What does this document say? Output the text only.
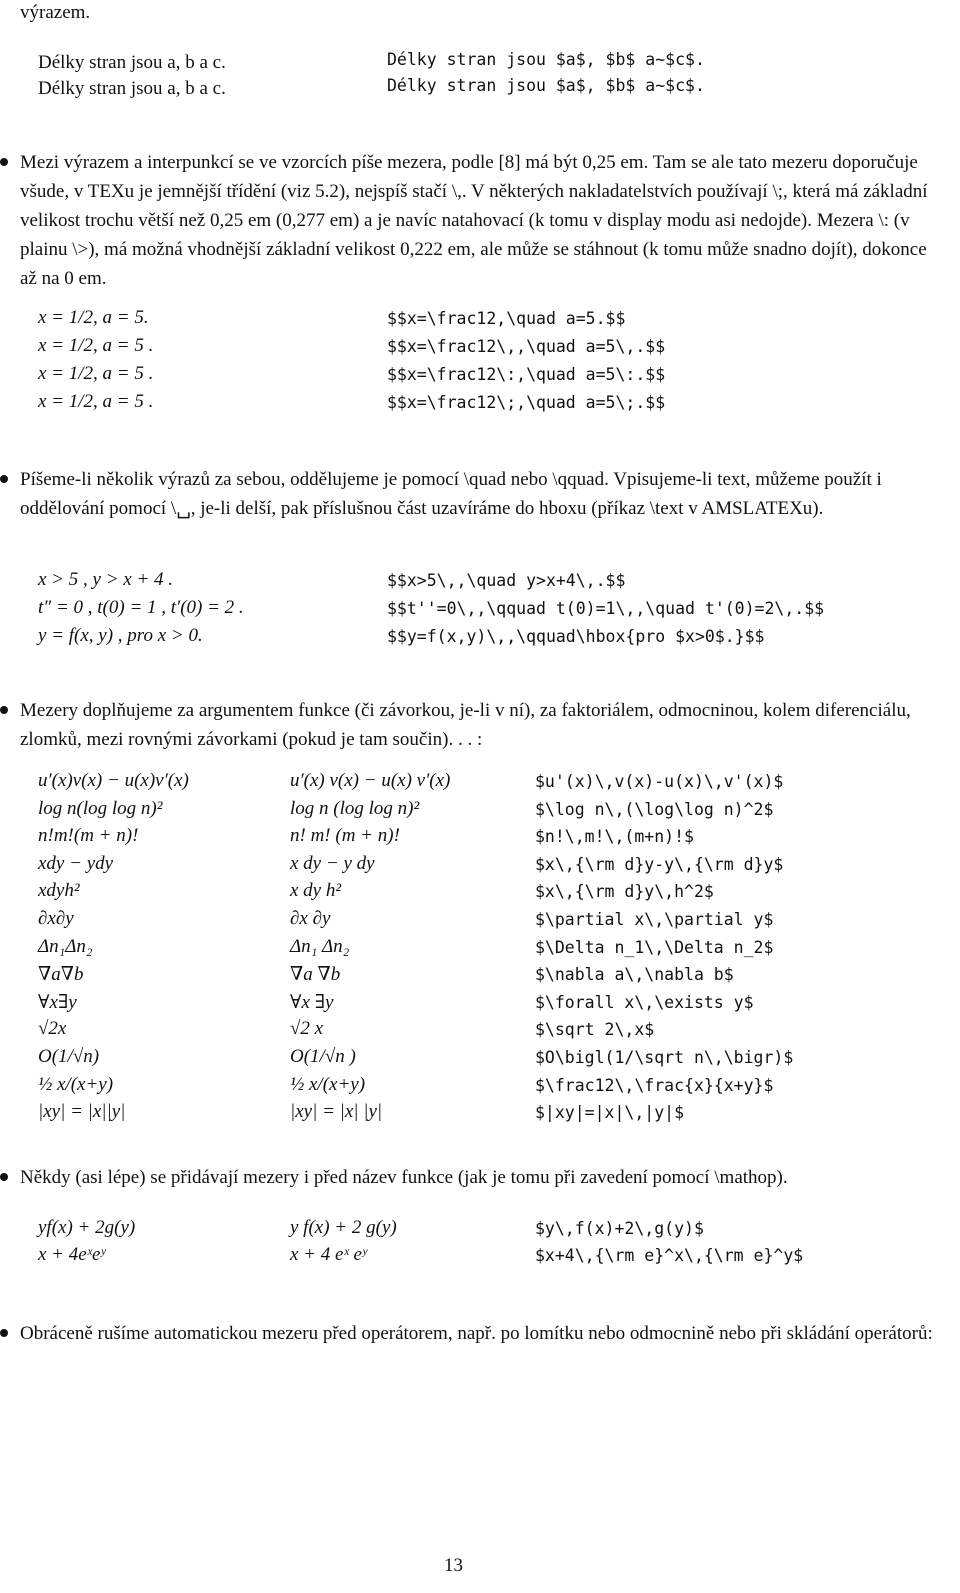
výrazem.
Délky stran jsou a, b a c.	Délky stran jsou $a$, $b$ a~$c$.
Délky stran jsou a, b a c.	Délky stran jsou $a$, $b$ a~$c$.

Mezi výrazem a interpunkcí se ve vzorcích píše mezera, podle [8] má být 0,25 em. Tam se ale tato mezeru doporučuje všude, v TEXu je jemnější třídění (viz 5.2), nejspíš stačí \,. V některých nakladatelstvích používají \;, která má základní velikost trochu větší než 0,25 em (0,277 em) a je navíc natahovací (k tomu v display modu asi nedojde). Mezera \: (v plainu \>), má možná vhodnější základní velikost 0,222 em, ale může se stáhnout (k tomu může snadno dojít), dokonce až na 0 em.

x = 1/2, a = 5.	$$x=\frac12,\quad a=5.$$
x = 1/2, a = 5 .	$$x=\frac12\,,\quad a=5\,.$$
x = 1/2, a = 5 .	$$x=\frac12\:,\quad a=5\:.$$
x = 1/2, a = 5 .	$$x=\frac12\;,\quad a=5\;.$$

Píšeme-li několik výrazů za sebou, oddělujeme je pomocí \quad nebo \qquad. Vpisujeme-li text, můžeme použít i oddělování pomocí \␣, je-li delší, pak příslušnou část uzavíráme do hboxu (příkaz \text v AMSLATEXu).

x > 5 , y > x + 4 .	$$x>5\,,\quad y>x+4\,.$$
t″ = 0 , t(0) = 1 , t′(0) = 2 .	$$t''=0\,,\qquad t(0)=1\,,\quad t'(0)=2\,.$$
y = f(x, y) , pro x > 0.	$$y=f(x,y)\,,\qquad\hbox{pro $x>0$.}$$

Mezery doplňujeme za argumentem funkce (či závorkou, je-li v ní), za faktoriálem, odmocninou, kolem diferenciálu, zlomků, mezi rovnými závorkami (pokud je tam součin). . . :

u′(x)v(x) − u(x)v′(x)	u′(x) v(x) − u(x) v′(x)	$u'(x)\,v(x)-u(x)\,v'(x)$
log n(log log n)²	log n (log log n)²	$\log n\,(\log\log n)^2$
n!m!(m + n)!	n! m! (m + n)!	$n!\,m!\,(m+n)!$
xdy − ydy	x dy − y dy	$x\,{\rm d}y-y\,{\rm d}y$
xdyh²	x dy h²	$x\,{\rm d}y\,h^2$
∂x∂y	∂x ∂y	$\partial x\,\partial y$
Δn₁Δn₂	Δn₁ Δn₂	$\Delta n_1\,\Delta n_2$
∇a∇b	∇a ∇b	$\nabla a\,\nabla b$
∀x∃y	∀x ∃y	$\forall x\,\exists y$
√2x	√2 x	$\sqrt 2\,x$
O(1/√n)	O(1/√n )	$O\bigl(1/\sqrt n\,\bigr)$
½ x/(x+y)	½ x/(x+y)	$\frac12\,\frac{x}{x+y}$
|xy| = |x||y|	|xy| = |x| |y|	$|xy|=|x|\,|y|$

Někdy (asi lépe) se přidávají mezery i před název funkce (jak je tomu při zavedení pomocí \mathop).

yf(x) + 2g(y)	y f(x) + 2 g(y)	$y\,f(x)+2\,g(y)$
x + 4eˣeʸ	x + 4 eˣ eʸ	$x+4\,{\rm e}^x\,{\rm e}^y$

Obráceně rušíme automatickou mezeru před operátorem, např. po lomítku nebo odmocnině nebo při skládání operátorů:

13
